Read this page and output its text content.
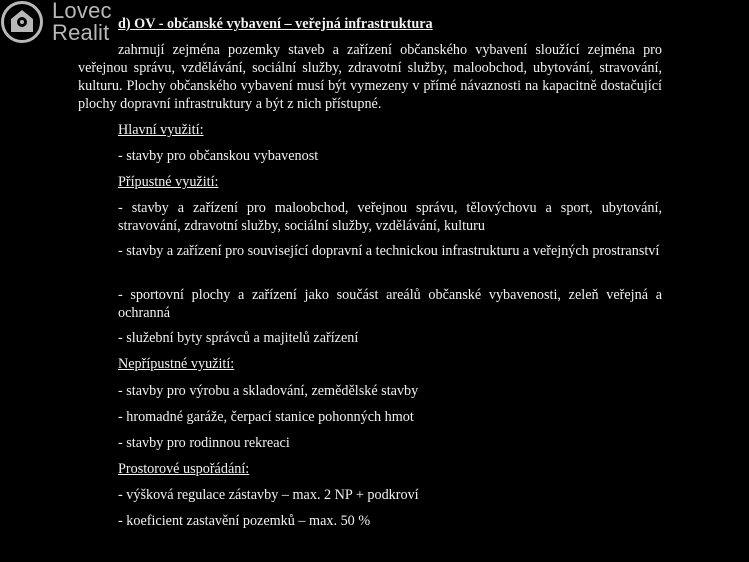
Lovec
Realit d) OV - občanské vybavení – veřejná infrastruktura

zahrnují zejména pozemky staveb a zařízení občanského vybavení sloužící zejména pro veřejnou správu, vzdělávání, sociální služby, zdravotní služby, maloobchod, ubytování, stravování, kulturu. Plochy občanského vybavení musí být vymezeny v přímé návaznosti na kapacitně dostačující plochy dopravní infrastruktury a být z nich přístupné.

Hlavní využití:

- stavby pro občanskou vybavenost

Přípustné využití:

- stavby a zařízení pro maloobchod, veřejnou správu, tělovýchovu a sport, ubytování, stravování, zdravotní služby, sociální služby, vzdělávání, kulturu

- stavby a zařízení pro související dopravní a technickou infrastrukturu a veřejných prostranství

- sportovní plochy a zařízení jako součást areálů občanské vybavenosti, zeleň veřejná a ochranná

- služební byty správců a majitelů zařízení

Nepřípustné využití:

- stavby pro výrobu a skladování, zemědělské stavby

- hromadné garáže, čerpací stanice pohonných hmot

- stavby pro rodinnou rekreaci

Prostorové uspořádání:

- výšková regulace zástavby – max. 2 NP + podkroví

- koeficient zastavění pozemků – max. 50 %
